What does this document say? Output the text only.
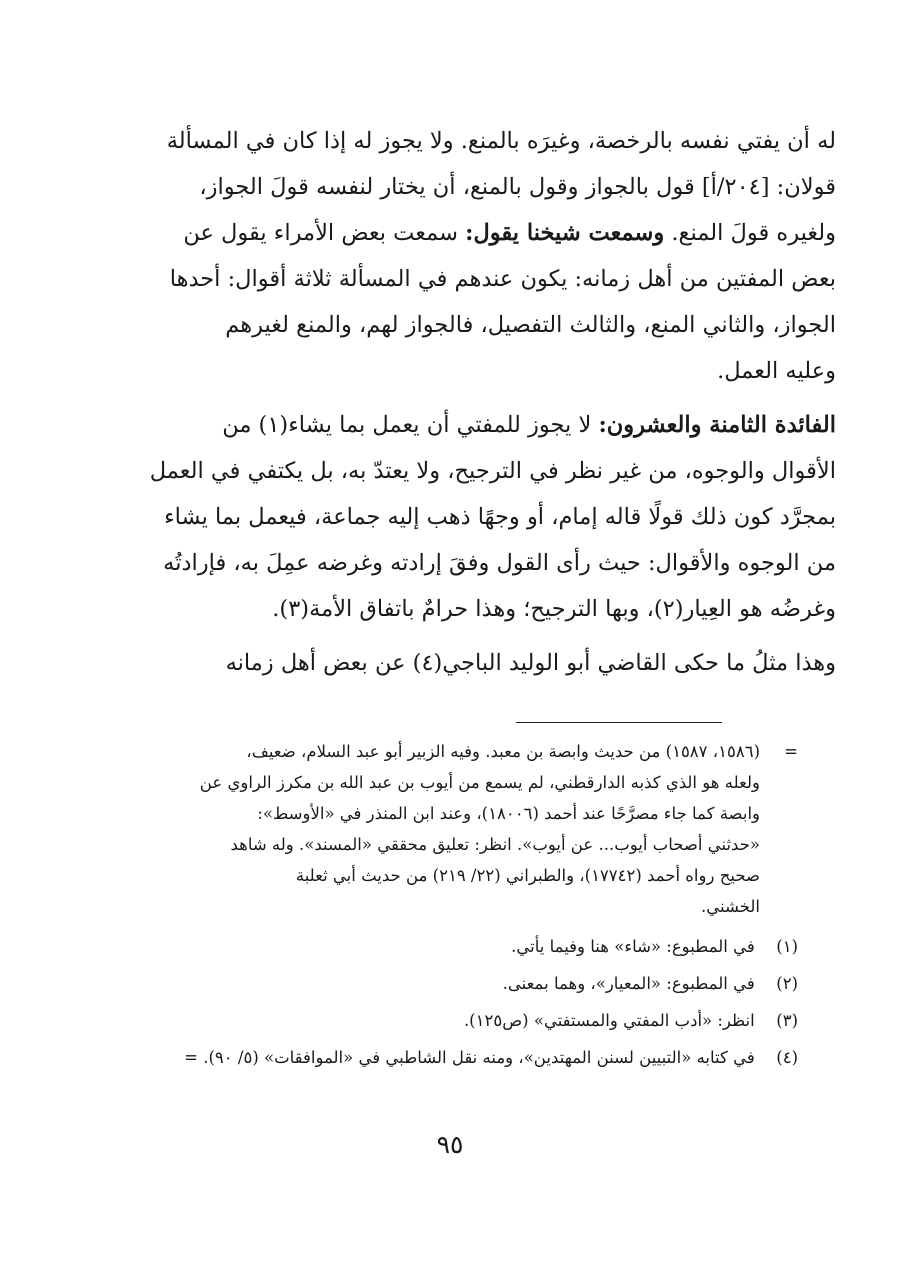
له أن يفتي نفسه بالرخصة، وغيرَه بالمنع. ولا يجوز له إذا كان في المسألة
قولان: [٢٠٤/أ] قول بالجواز وقول بالمنع، أن يختار لنفسه قولَ الجواز،
ولغيره قولَ المنع. وسمعت شيخنا يقول: سمعت بعض الأمراء يقول عن
بعض المفتين من أهل زمانه: يكون عندهم في المسألة ثلاثة أقوال: أحدها
الجواز، والثاني المنع، والثالث التفصيل، فالجواز لهم، والمنع لغيرهم
وعليه العمل.

الفائدة الثامنة والعشرون: لا يجوز للمفتي أن يعمل بما يشاء(١) من
الأقوال والوجوه، من غير نظر في الترجيح، ولا يعتدّ به، بل يكتفي في العمل
بمجرَّد كون ذلك قولًا قاله إمام، أو وجهًا ذهب إليه جماعة، فيعمل بما يشاء
من الوجوه والأقوال: حيث رأى القول وفقَ إرادته وغرضه عمِلَ به، فإرادتُه
وغرضُه هو العِيار(٢)، وبها الترجيح؛ وهذا حرامٌ باتفاق الأمة(٣).

وهذا مثلُ ما حكى القاضي أبو الوليد الباجي(٤) عن بعض أهل زمانه

=(١٥٨٦، ١٥٨٧) من حديث وابصة بن معبد. وفيه الزبير أبو عبد السلام، ضعيف،
ولعله هو الذي كذبه الدارقطني، لم يسمع من أيوب بن عبد الله بن مكرز الراوي عن
وابصة كما جاء مصرَّحًا عند أحمد (١٨٠٠٦)، وعند ابن المنذر في «الأوسط»:
«حدثني أصحاب أيوب... عن أيوب». انظر: تعليق محققي «المسند». وله شاهد
صحيح رواه أحمد (١٧٧٤٢)، والطبراني (٢٢/ ٢١٩) من حديث أبي ثعلبة
الخشني.
(١) في المطبوع: «شاء» هنا وفيما يأتي.
(٢) في المطبوع: «المعيار»، وهما بمعنى.
(٣) انظر: «أدب المفتي والمستفتي» (ص١٢٥).
(٤) في كتابه «التبيين لسنن المهتدين»، ومنه نقل الشاطبي في «الموافقات» (٥/ ٩٠). =
٩٥
